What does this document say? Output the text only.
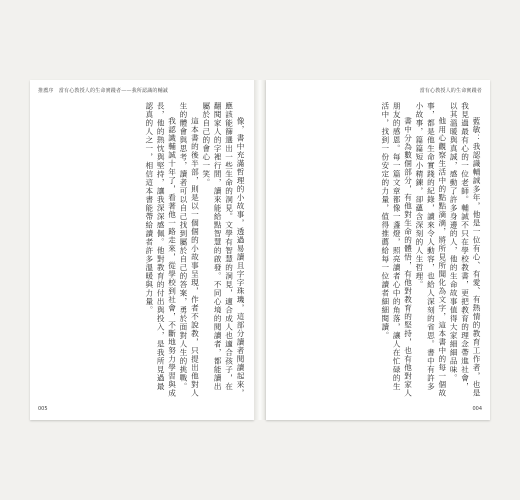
推薦序　當有心教授人的生命實踐者——我所認識的輔誠
像，書中充滿哲理的小故事，透過易讀且字字珠璣，這部分讀者閱讀起來，應該能篩選出一些生命的洞見。文學有智慧的洞見，適合成人也適合孩子，在翻閱家人的字裡行間，讀來能給點智慧的啟發。不同心境的閱讀者，都能讀出屬於自己的會心一笑。
這本書的後半部，則是以一個個的小故事呈現，作者不說教，只提出他對人生的體會與思考，讀者可以自己找到屬於自己的答案，勇於面對人生的挑戰。
我認識輔誠十年了，看著他一路走來，從學校到社會，不斷地努力學習與成長，他的熱忱與堅持，讓我深深感佩。他對教育的付出與投入，是我所見過最認真的人之一，相信這本書能帶給讀者許多溫暖與力量。
005
當有心教授人的生命實踐者
藍敏：我認識輔誠多年，他是一位有心、有愛、有熱情的教育工作者，也是我見過最有心的一位老師。輔誠不只在學校教書，更把教育的理念帶進社會，以其溫暖與真誠，感動了許多身邊的人，他的生命故事值得大家細細品味。
他用心觀察生活中的點點滴滴，將所見所聞化為文字，這本書中的每一個故事，都是他生命實踐的紀錄，讀來令人動容，也給人深刻的省思。書中有許多小故事，篇篇短小精鍊，卻蘊含深刻的人生哲理。
書中分為數個部分，有他對生命的體悟，有他對教育的堅持，也有他對家人朋友的感恩。每一篇文章都像一盞燈，照亮讀者心中的角落，讓人在忙碌的生活中，找到一份安定的力量，值得推薦給每一位讀者細細閱讀。
004
